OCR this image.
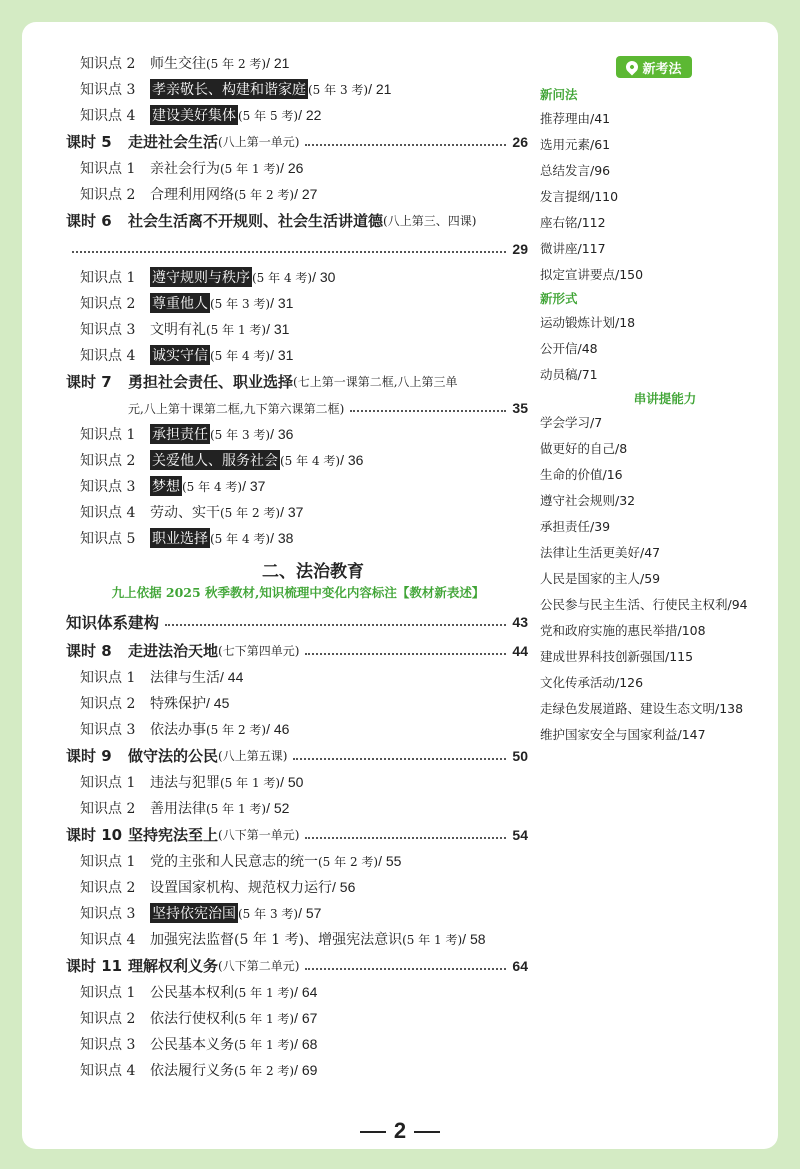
知识点 2	师生交往 (5 年 2 考) / 21
知识点 3	孝亲敬长、构建和谐家庭 (5 年 3 考) / 21
知识点 4	建设美好集体 (5 年 5 考) / 22
课时 5	走进社会生活 (八上第一单元)	26
知识点 1	亲社会行为 (5 年 1 考) / 26
知识点 2	合理利用网络 (5 年 2 考) / 27
课时 6	社会生活离不开规则、社会生活讲道德 (八上第三、四课)
29
知识点 1	遵守规则与秩序 (5 年 4 考) / 30
知识点 2	尊重他人 (5 年 3 考) / 31
知识点 3	文明有礼 (5 年 1 考) / 31
知识点 4	诚实守信 (5 年 4 考) / 31
课时 7	勇担社会责任、职业选择 (七上第一课第二框,八上第三单
元,八上第十课第二框,九下第六课第二框)	35
知识点 1	承担责任 (5 年 3 考) / 36
知识点 2	关爱他人、服务社会 (5 年 4 考) / 36
知识点 3	梦想 (5 年 4 考) / 37
知识点 4	劳动、实干 (5 年 2 考) / 37
知识点 5	职业选择 (5 年 4 考) / 38
二、法治教育
九上依据 2025 秋季教材,知识梳理中变化内容标注【教材新表述】
知识体系建构	43
课时 8	走进法治天地 (七下第四单元)	44
知识点 1	法律与生活 / 44
知识点 2	特殊保护 / 45
知识点 3	依法办事 (5 年 2 考) / 46
课时 9	做守法的公民 (八上第五课)	50
知识点 1	违法与犯罪 (5 年 1 考) / 50
知识点 2	善用法律 (5 年 1 考) / 52
课时 10 坚持宪法至上 (八下第一单元)	54
知识点 1	党的主张和人民意志的统一 (5 年 2 考) / 55
知识点 2	设置国家机构、规范权力运行 / 56
知识点 3	坚持依宪治国 (5 年 3 考) / 57
知识点 4	加强宪法监督(5 年 1 考)、增强宪法意识 (5 年 1 考) / 58
课时 11 理解权利义务 (八下第二单元)	64
知识点 1	公民基本权利 (5 年 1 考) / 64
知识点 2	依法行使权利 (5 年 1 考) / 67
知识点 3	公民基本义务 (5 年 1 考) / 68
知识点 4	依法履行义务 (5 年 2 考) / 69
新考法
新问法
推荐理由/41
选用元素/61
总结发言/96
发言提纲/110
座右铭/112
微讲座/117
拟定宣讲要点/150
新形式
运动锻炼计划/18
公开信/48
动员稿/71
串讲提能力
学会学习/7
做更好的自己/8
生命的价值/16
遵守社会规则/32
承担责任/39
法律让生活更美好/47
人民是国家的主人/59
公民参与民主生活、行使民主权利/94
党和政府实施的惠民举措/108
建成世界科技创新强国/115
文化传承活动/126
走绿色发展道路、建设生态文明/138
维护国家安全与国家利益/147
2
